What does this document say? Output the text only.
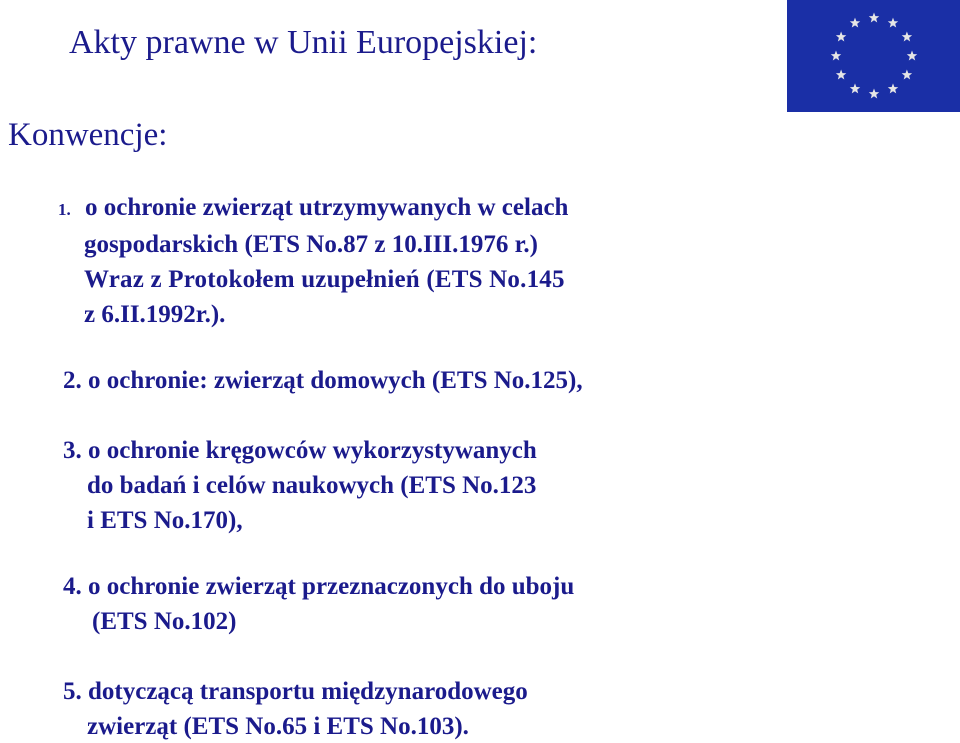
Akty prawne w Unii Europejskiej:
Konwencje:
1. o ochronie zwierząt utrzymywanych w celach
gospodarskich (ETS No.87 z 10.III.1976 r.)
Wraz z Protokołem uzupełnień (ETS No.145
z 6.II.1992r.).
2. o ochronie: zwierząt domowych (ETS No.125),
3. o ochronie kręgowców wykorzystywanych
do badań i celów naukowych (ETS No.123
i ETS No.170),
4. o ochronie zwierząt przeznaczonych do uboju
(ETS No.102)
5. dotyczącą transportu międzynarodowego
zwierząt (ETS No.65 i ETS No.103).
